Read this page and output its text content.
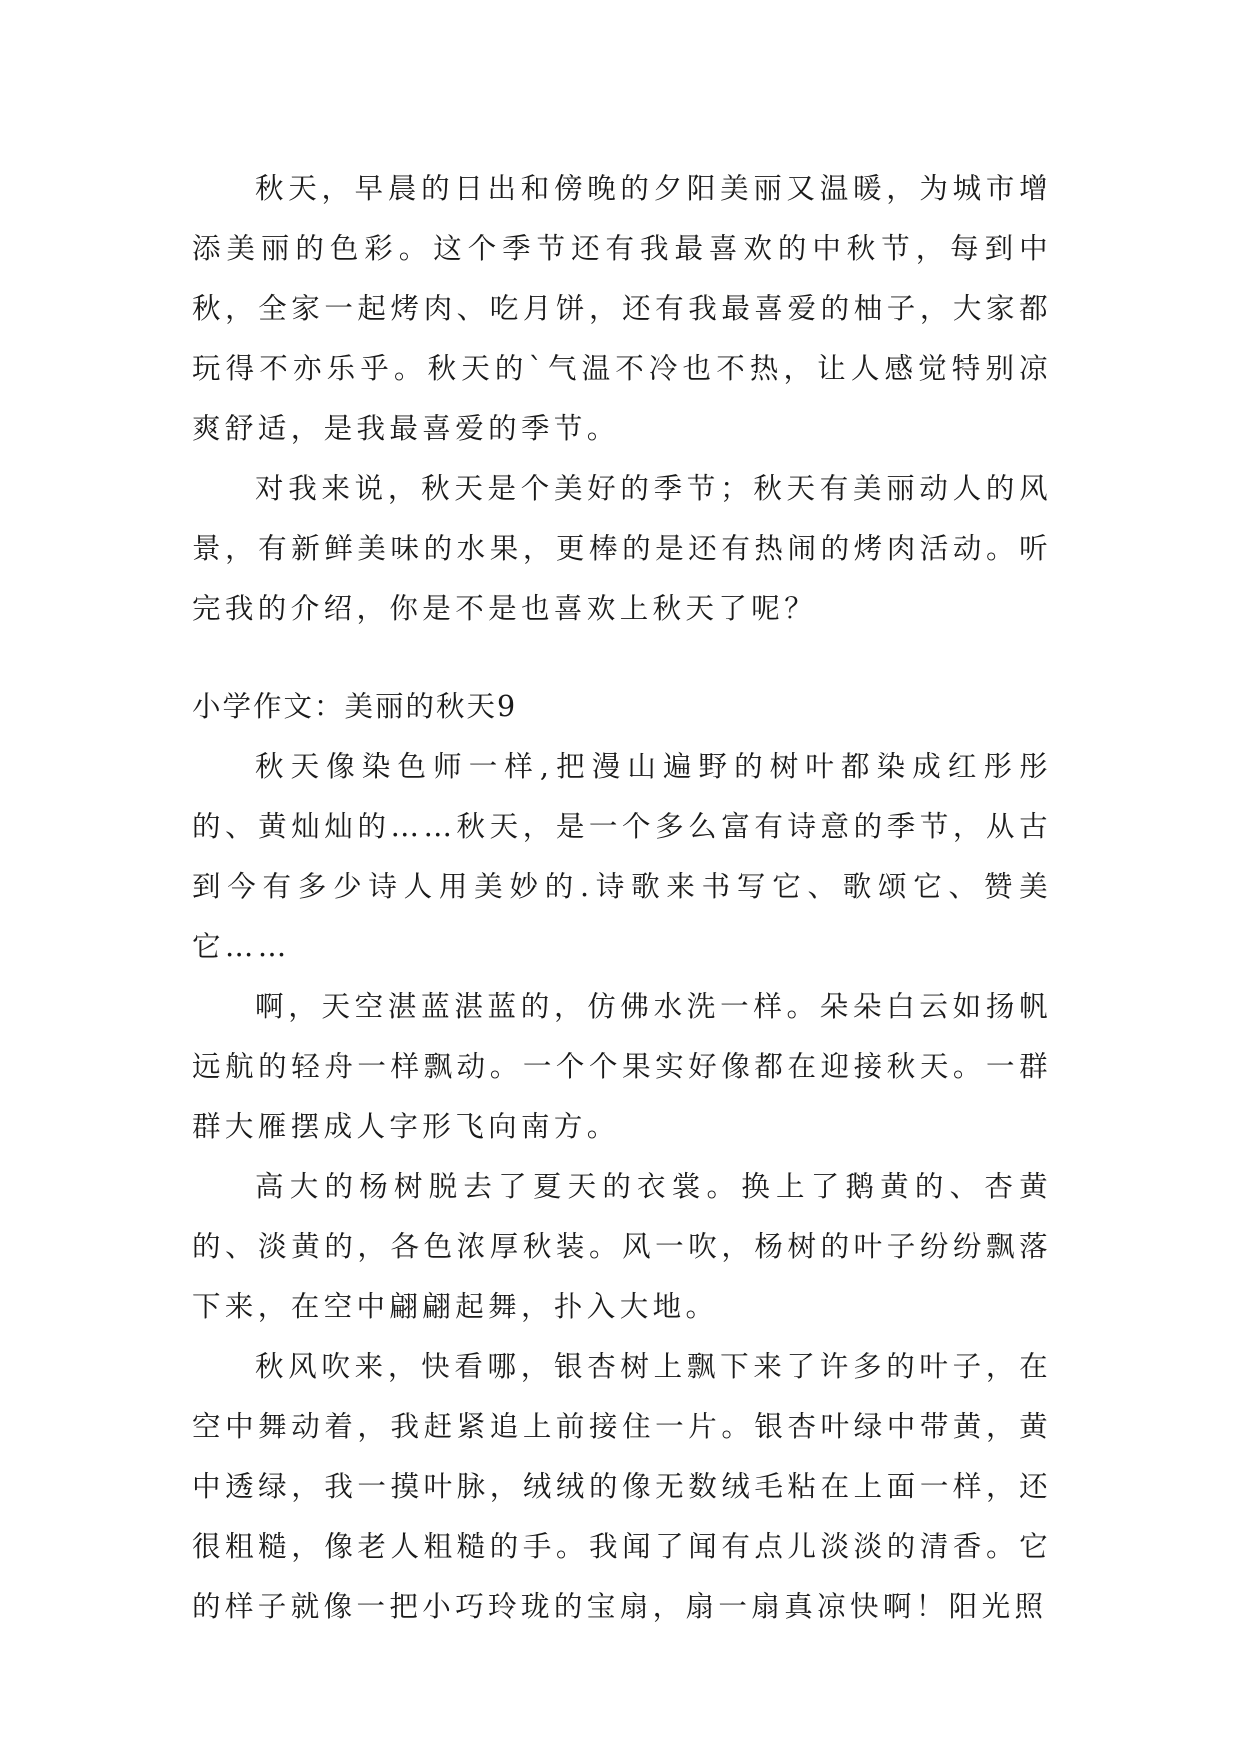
秋天，早晨的日出和傍晚的夕阳美丽又温暖，为城市增添美丽的色彩。这个季节还有我最喜欢的中秋节，每到中秋，全家一起烤肉、吃月饼，还有我最喜爱的柚子，大家都玩得不亦乐乎。秋天的`气温不冷也不热，让人感觉特别凉爽舒适，是我最喜爱的季节。

对我来说，秋天是个美好的季节；秋天有美丽动人的风景，有新鲜美味的水果，更棒的是还有热闹的烤肉活动。听完我的介绍，你是不是也喜欢上秋天了呢？

小学作文：美丽的秋天9

秋天像染色师一样,把漫山遍野的树叶都染成红彤彤的、黄灿灿的……秋天，是一个多么富有诗意的季节，从古到今有多少诗人用美妙的.诗歌来书写它、歌颂它、赞美它……

啊，天空湛蓝湛蓝的，仿佛水洗一样。朵朵白云如扬帆远航的轻舟一样飘动。一个个果实好像都在迎接秋天。一群群大雁摆成人字形飞向南方。

高大的杨树脱去了夏天的衣裳。换上了鹅黄的、杏黄的、淡黄的，各色浓厚秋装。风一吹，杨树的叶子纷纷飘落下来，在空中翩翩起舞，扑入大地。

秋风吹来，快看哪，银杏树上飘下来了许多的叶子，在空中舞动着，我赶紧追上前接住一片。银杏叶绿中带黄，黄中透绿，我一摸叶脉，绒绒的像无数绒毛粘在上面一样，还很粗糙，像老人粗糙的手。我闻了闻有点儿淡淡的清香。它的样子就像一把小巧玲珑的宝扇，扇一扇真凉快啊！阳光照
